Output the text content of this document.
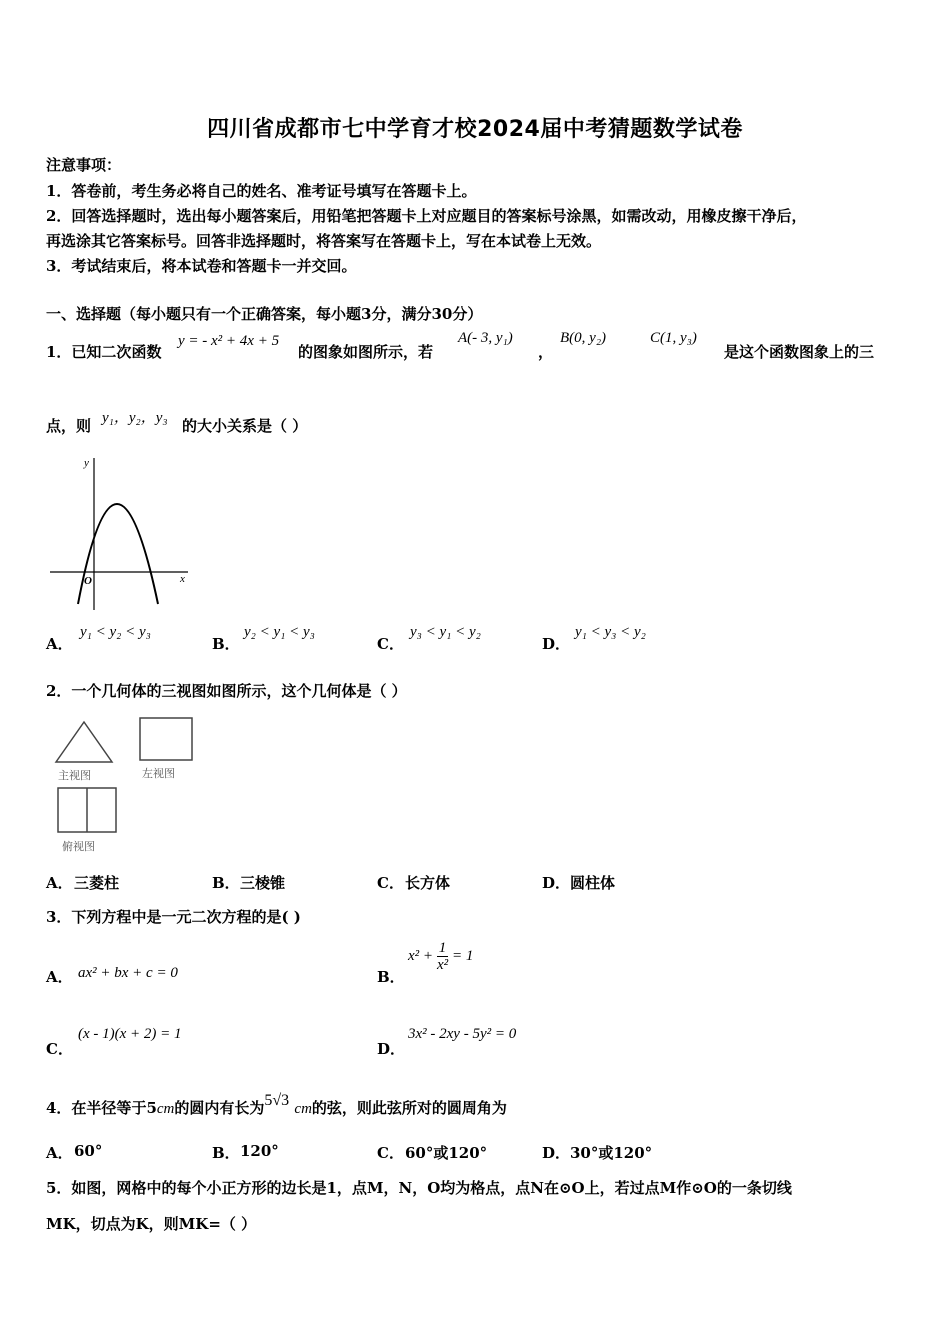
四川省成都市七中学育才校2024届中考猜题数学试卷
注意事项：
1．答卷前，考生务必将自己的姓名、准考证号填写在答题卡上。
2．回答选择题时，选出每小题答案后，用铅笔把答题卡上对应题目的答案标号涂黑，如需改动，用橡皮擦干净后，
再选涂其它答案标号。回答非选择题时，将答案写在答题卡上，写在本试卷上无效。
3．考试结束后，将本试卷和答题卡一并交回。
一、选择题（每小题只有一个正确答案，每小题3分，满分30分）
1．已知二次函数
y = - x² + 4x + 5
的图象如图所示，若
A(- 3, y₁)
，
B(0, y₂)	C(1, y₃)
是这个函数图象上的三
点，则 y₁，y₂，y₃ 的大小关系是（ ）
y
x
O
A．
y₁ < y₂ < y₃
B．
y₂ < y₁ < y₃
C．
y₃ < y₁ < y₂
D．
y₁ < y₃ < y₂
2．一个几何体的三视图如图所示，这个几何体是（ ）
主视图	左视图
俯视图
A． 三菱柱	B． 三棱锥	C． 长方体	D． 圆柱体
3．下列方程中是一元二次方程的是( )
A． ax² + bx + c = 0	B．
$x^2 + \frac{1}{\text{x²}} = 1$
C．
(x - 1)(x + 2) = 1
D．
3x² - 2xy - 5y² = 0
4．在半径等于5cm的圆内有长为5√3 cm的弦，则此弦所对的圆周角为
A． 60°	B． 120°	C． 60°或120°	D． 30°或120°
5．如图，网格中的每个小正方形的边长是1，点M，N，O均为格点，点N在⊙O上，若过点M作⊙O的一条切线
MK，切点为K，则MK=（ ）
